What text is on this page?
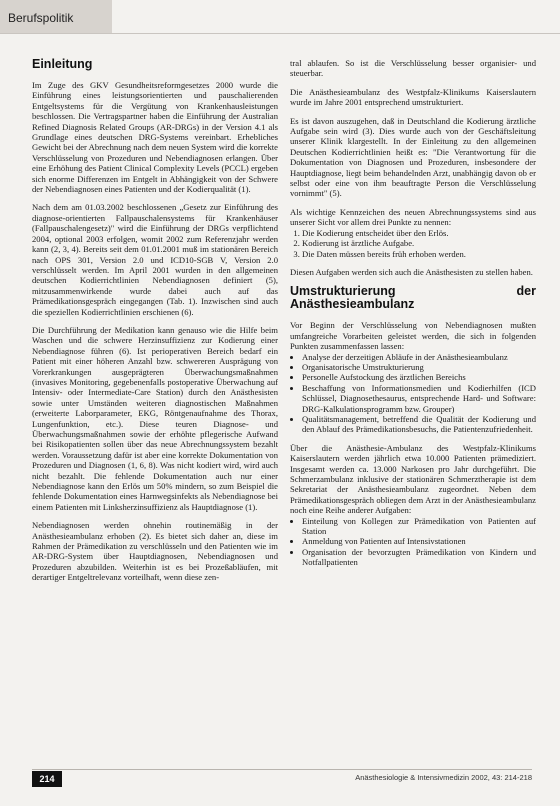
Berufspolitik
Einleitung

Im Zuge des GKV Gesundheitsreformgesetzes 2000 wurde die Einführung eines leistungsorientierten und pauschalierenden Entgeltsystems für die Vergütung von Krankenhausleistungen beschlossen. Die Vertragspartner haben die Einführung der Australian Refined Diagnosis Related Groups (AR-DRGs) in der Version 4.1 als Grundlage eines deutschen DRG-Systems vereinbart. Erhebliches Gewicht bei der Abrechnung nach dem neuen System wird die korrekte Verschlüsselung von Prozeduren und Nebendiagnosen erlangen. Über eine Erhöhung des Patient Clinical Complexity Levels (PCCL) ergeben sich enorme Differenzen im Entgelt in Abhängigkeit von der Schwere der Nebendiagnosen eines Patienten und der Kodierqualität (1).

Nach dem am 01.03.2002 beschlossenen „Gesetz zur Einführung des diagnose-orientierten Fallpauschalensystems für Krankenhäuser (Fallpauschalengesetz)" wird die Einführung der DRGs verpflichtend 2004, optional 2003 erfolgen, womit 2002 zum Referenzjahr werden kann (2, 3, 4). Bereits seit dem 01.01.2001 muß im stationären Bereich nach OPS 301, Version 2.0 und ICD10-SGB V, Version 2.0 verschlüsselt werden. Im April 2001 wurden in den allgemeinen deutschen Kodierrichtlinien Nebendiagnosen definiert (5), mitzusammenwirkende wurde dabei auch auf das Prämedikationsgespräch eingegangen (Tab. 1). Inzwischen sind auch die speziellen Kodierrichtlinien erschienen (6).

Die Durchführung der Medikation kann genauso wie die Hilfe beim Waschen und die schwere Herzinsuffizienz zur Kodierung einer Nebendiagnose führen (6). Ist perioperativen Bereich bedarf ein Patient mit einer höheren Anzahl bzw. schwereren Ausprägung von Vorerkrankungen ausgeprägteren Überwachungsmaßnahmen (invasives Monitoring, gegebenenfalls postoperative Überwachung auf Intensiv- oder Intermediate-Care Station) durch den Anästhesisten sowie unter Umständen weiteren diagnostischen Maßnahmen (erweiterte Laborparameter, EKG, Röntgenaufnahme des Thorax, Lungenfunktion, etc.). Diese teuren Diagnose- und Überwachungsmaßnahmen sowie der erhöhte pflegerische Aufwand bei Risikopatienten sollen über das neue Abrechnungssystem bezahlt werden. Voraussetzung dafür ist aber eine korrekte Dokumentation von Prozeduren und Diagnosen (1, 6, 8). Was nicht kodiert wird, wird auch nicht bezahlt. Die fehlende Dokumentation auch nur einer Nebendiagnose kann den Erlös um 50% mindern, so zum Beispiel die fehlende Dokumentation eines Harnwegsinfekts als Nebendiagnose bei einem Patienten mit Linksherzinsuffizienz als Hauptdiagnose (1).

Nebendiagnosen werden ohnehin routinemäßig in der Anästhesieambulanz erhoben (2). Es bietet sich daher an, diese im Rahmen der Prämedikation zu verschlüsseln und den Patienten wie im AR-DRG-System über Hauptdiagnosen, Nebendiagnosen und Prozeduren abzubilden. Weiterhin ist es bei Prozeßabläufen, mit derartiger Entgeltrelevanz vorteilhaft, wenn diese zen-

tral ablaufen. So ist die Verschlüsselung besser organisier- und steuerbar.

Die Anästhesieambulanz des Westpfalz-Klinikums Kaiserslautern wurde im Jahre 2001 entsprechend umstrukturiert.

Es ist davon auszugehen, daß in Deutschland die Kodierung ärztliche Aufgabe sein wird (3). Dies wurde auch von der Geschäftsleitung unserer Klinik klargestellt. In der Einleitung zu den allgemeinen Deutschen Kodierrichtlinien heißt es: "Die Verantwortung für die Dokumentation von Diagnosen und Prozeduren, insbesondere der Hauptdiagnose, liegt beim behandelnden Arzt, unabhängig davon ob er selbst oder eine von ihm beauftragte Person die Verschlüsselung vornimmt" (5).

Als wichtige Kennzeichen des neuen Abrechnungssystems sind aus unserer Sicht vor allem drei Punkte zu nennen:

1. Die Kodierung entscheidet über den Erlös.
2. Kodierung ist ärztliche Aufgabe.
3. Die Daten müssen bereits früh erhoben werden.

Diesen Aufgaben werden sich auch die Anästhesisten zu stellen haben.

Umstrukturierung der Anästhesieambulanz

Vor Beginn der Verschlüsselung von Nebendiagnosen mußten umfangreiche Vorarbeiten geleistet werden, die sich in folgenden Punkten zusammenfassen lassen:

• Analyse der derzeitigen Abläufe in der Anästhesieambulanz
• Organisatorische Umstrukturierung
• Personelle Aufstockung des ärztlichen Bereichs
• Beschaffung von Informationsmedien und Kodierhilfen (ICD Schlüssel, Diagnosethesaurus, entsprechende Hard- und Software: DRG-Kalkulationsprogramm bzw. Grouper)
• Qualitätsmanagement, betreffend die Qualität der Kodierung und den Ablauf des Prämedikationsbesuchs, die Patientenzufriedenheit.

Über die Anästhesie-Ambulanz des Westpfalz-Klinikums Kaiserslautern werden jährlich etwa 10.000 Patienten prämediziert. Insgesamt werden ca. 13.000 Narkosen pro Jahr durchgeführt. Die Schmerzambulanz inklusive der stationären Schmerztherapie ist dem Sekretariat der Anästhesieambulanz zugeordnet. Neben dem Prämedikationsgespräch obliegen dem Arzt in der Anästhesieambulanz noch eine Reihe anderer Aufgaben:

• Einteilung von Kollegen zur Prämedikation von Patienten auf Station
• Anmeldung von Patienten auf Intensivstationen
• Organisation der bevorzugten Prämedikation von Kindern und Notfallpatienten
214	Anästhesiologie & Intensivmedizin 2002, 43: 214-218
